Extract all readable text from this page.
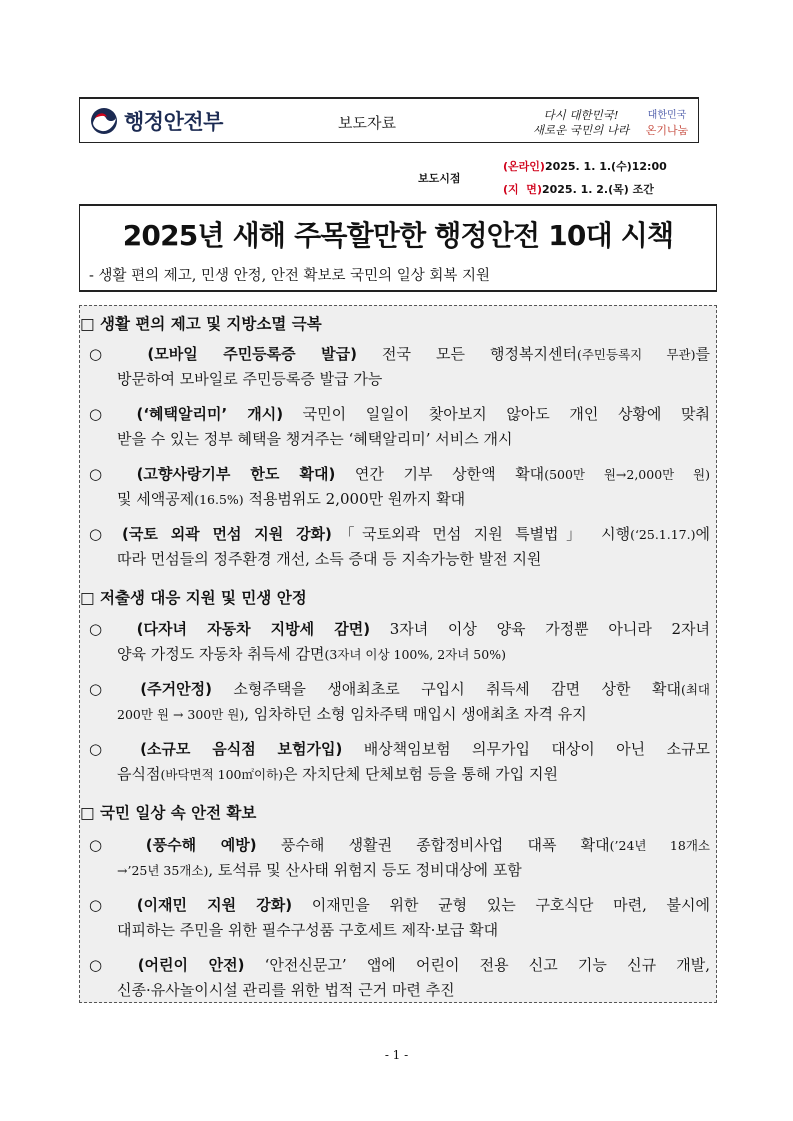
행정안전부	보도자료	다시 대한민국!
새로운 국민의 나라
대한민국
온기나눔
보도시점
(온라인)2025. 1. 1.(수)12:00
(지  면)2025. 1. 2.(목) 조간
2025년 새해 주목할만한 행정안전 10대 시책
- 생활 편의 제고, 민생 안정, 안전 확보로 국민의 일상 회복 지원
□ 생활 편의 제고 및 지방소멸 극복
○ (모바일 주민등록증 발급) 전국 모든 행정복지센터(주민등록지 무관)를
방문하여 모바일로 주민등록증 발급 가능
○ (‘혜택알리미’ 개시) 국민이 일일이 찾아보지 않아도 개인 상황에 맞춰
받을 수 있는 정부 혜택을 챙겨주는 ‘혜택알리미’ 서비스 개시
○ (고향사랑기부 한도 확대) 연간 기부 상한액 확대(500만 원→2,000만 원)
및 세액공제(16.5%) 적용범위도 2,000만 원까지 확대
○ (국토 외곽 먼섬 지원 강화)「국토외곽 먼섬 지원 특별법」 시행(‘25.1.17.)에
따라 먼섬들의 정주환경 개선, 소득 증대 등 지속가능한 발전 지원
□ 저출생 대응 지원 및 민생 안정
○ (다자녀 자동차 지방세 감면) 3자녀 이상 양육 가정뿐 아니라 2자녀
양육 가정도 자동차 취득세 감면(3자녀 이상 100%, 2자녀 50%)
○ (주거안정) 소형주택을 생애최초로 구입시 취득세 감면 상한 확대(최대
200만 원 → 300만 원), 임차하던 소형 임차주택 매입시 생애최초 자격 유지
○ (소규모 음식점 보험가입) 배상책임보험 의무가입 대상이 아닌 소규모
음식점(바닥면적 100㎡이하)은 자치단체 단체보험 등을 통해 가입 지원
□ 국민 일상 속 안전 확보
○ (풍수해 예방) 풍수해 생활권 종합정비사업 대폭 확대(’24년 18개소
→’25년 35개소), 토석류 및 산사태 위험지 등도 정비대상에 포함
○ (이재민 지원 강화) 이재민을 위한 균형 있는 구호식단 마련, 불시에
대피하는 주민을 위한 필수구성품 구호세트 제작·보급 확대
○ (어린이 안전) ‘안전신문고’ 앱에 어린이 전용 신고 기능 신규 개발,
신종·유사놀이시설 관리를 위한 법적 근거 마련 추진
- 1 -
